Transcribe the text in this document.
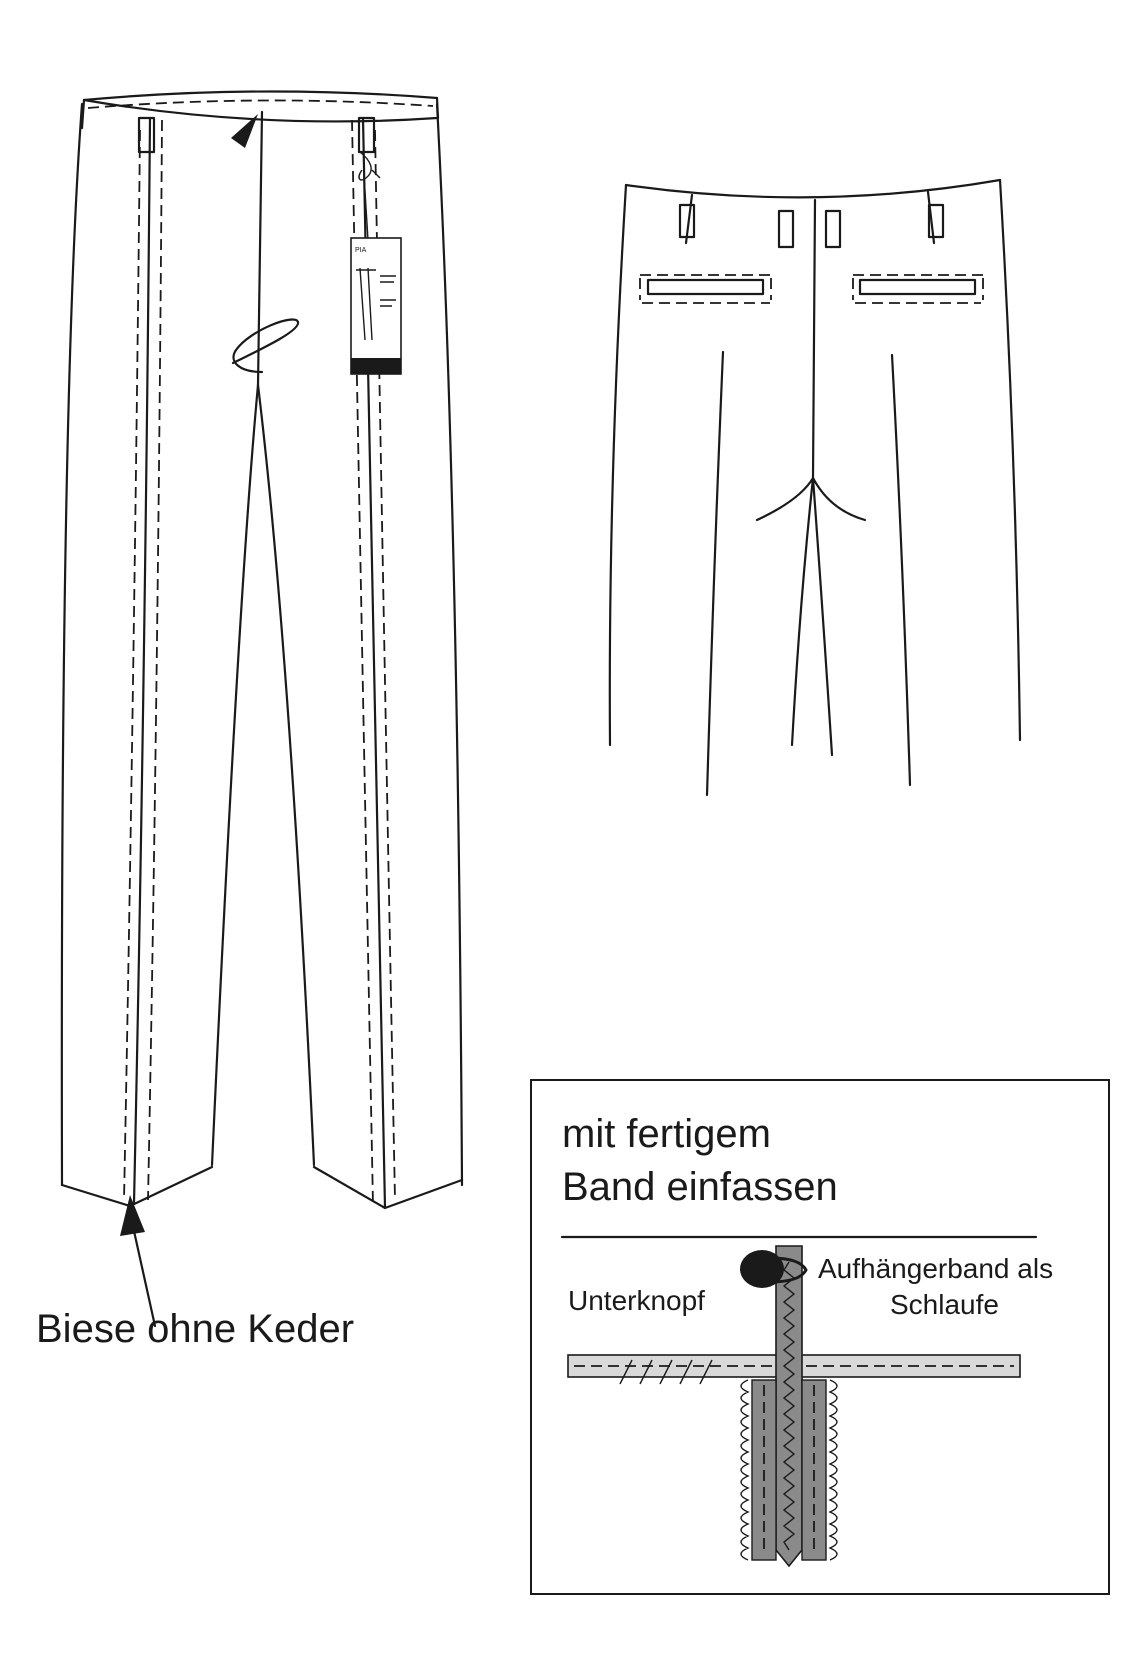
PIA
Biese ohne Keder
mit fertigem
Band einfassen
Unterknopf
Aufhängerband als
Schlaufe
